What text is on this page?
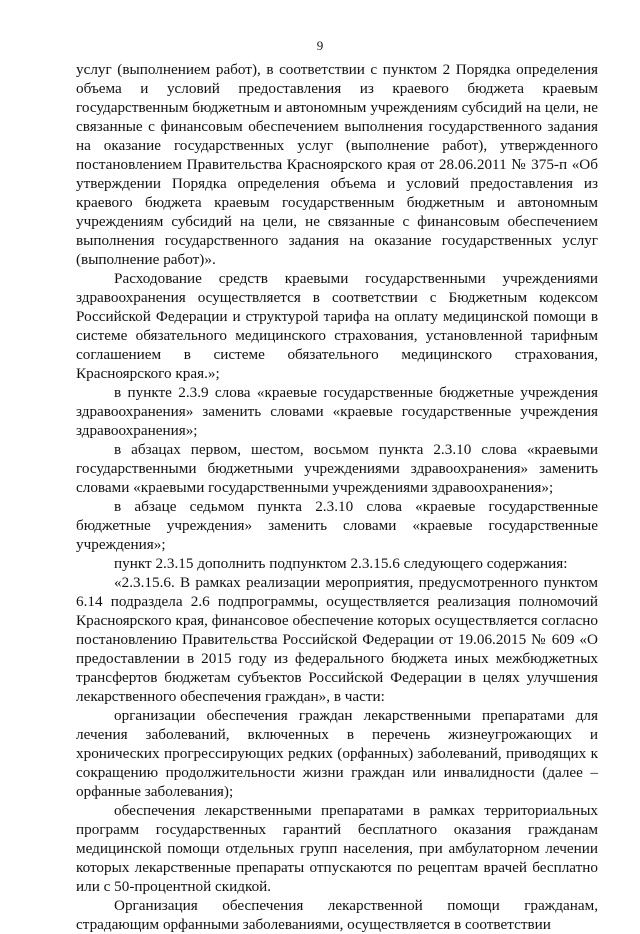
9

услуг (выполнением работ), в соответствии с пунктом 2 Порядка определения объема и условий предоставления из краевого бюджета краевым государственным бюджетным и автономным учреждениям субсидий на цели, не связанные с финансовым обеспечением выполнения государственного задания на оказание государственных услуг (выполнение работ), утвержденного постановлением Правительства Красноярского края от 28.06.2011 № 375-п «Об утверждении Порядка определения объема и условий предоставления из краевого бюджета краевым государственным бюджетным и автономным учреждениям субсидий на цели, не связанные с финансовым обеспечением выполнения государственного задания на оказание государственных услуг (выполнение работ)».

Расходование средств краевыми государственными учреждениями здравоохранения осуществляется в соответствии с Бюджетным кодексом Российской Федерации и структурой тарифа на оплату медицинской помощи в системе обязательного медицинского страхования, установленной тарифным соглашением в системе обязательного медицинского страхования, Красноярского края.»;

в пункте 2.3.9 слова «краевые государственные бюджетные учреждения здравоохранения» заменить словами «краевые государственные учреждения здравоохранения»;

в абзацах первом, шестом, восьмом пункта 2.3.10 слова «краевыми государственными бюджетными учреждениями здравоохранения» заменить словами «краевыми государственными учреждениями здравоохранения»;

в абзаце седьмом пункта 2.3.10 слова «краевые государственные бюджетные учреждения» заменить словами «краевые государственные учреждения»;

пункт 2.3.15 дополнить подпунктом 2.3.15.6 следующего содержания:

«2.3.15.6. В рамках реализации мероприятия, предусмотренного пунктом 6.14 подраздела 2.6 подпрограммы, осуществляется реализация полномочий Красноярского края, финансовое обеспечение которых осуществляется согласно постановлению Правительства Российской Федерации от 19.06.2015 № 609 «О предоставлении в 2015 году из федерального бюджета иных межбюджетных трансфертов бюджетам субъектов Российской Федерации в целях улучшения лекарственного обеспечения граждан», в части:

организации обеспечения граждан лекарственными препаратами для лечения заболеваний, включенных в перечень жизнеугрожающих и хронических прогрессирующих редких (орфанных) заболеваний, приводящих к сокращению продолжительности жизни граждан или инвалидности (далее – орфанные заболевания);

обеспечения лекарственными препаратами в рамках территориальных программ государственных гарантий бесплатного оказания гражданам медицинской помощи отдельных групп населения, при амбулаторном лечении которых лекарственные препараты отпускаются по рецептам врачей бесплатно или с 50-процентной скидкой.

Организация обеспечения лекарственной помощи гражданам, страдающим орфанными заболеваниями, осуществляется в соответствии
